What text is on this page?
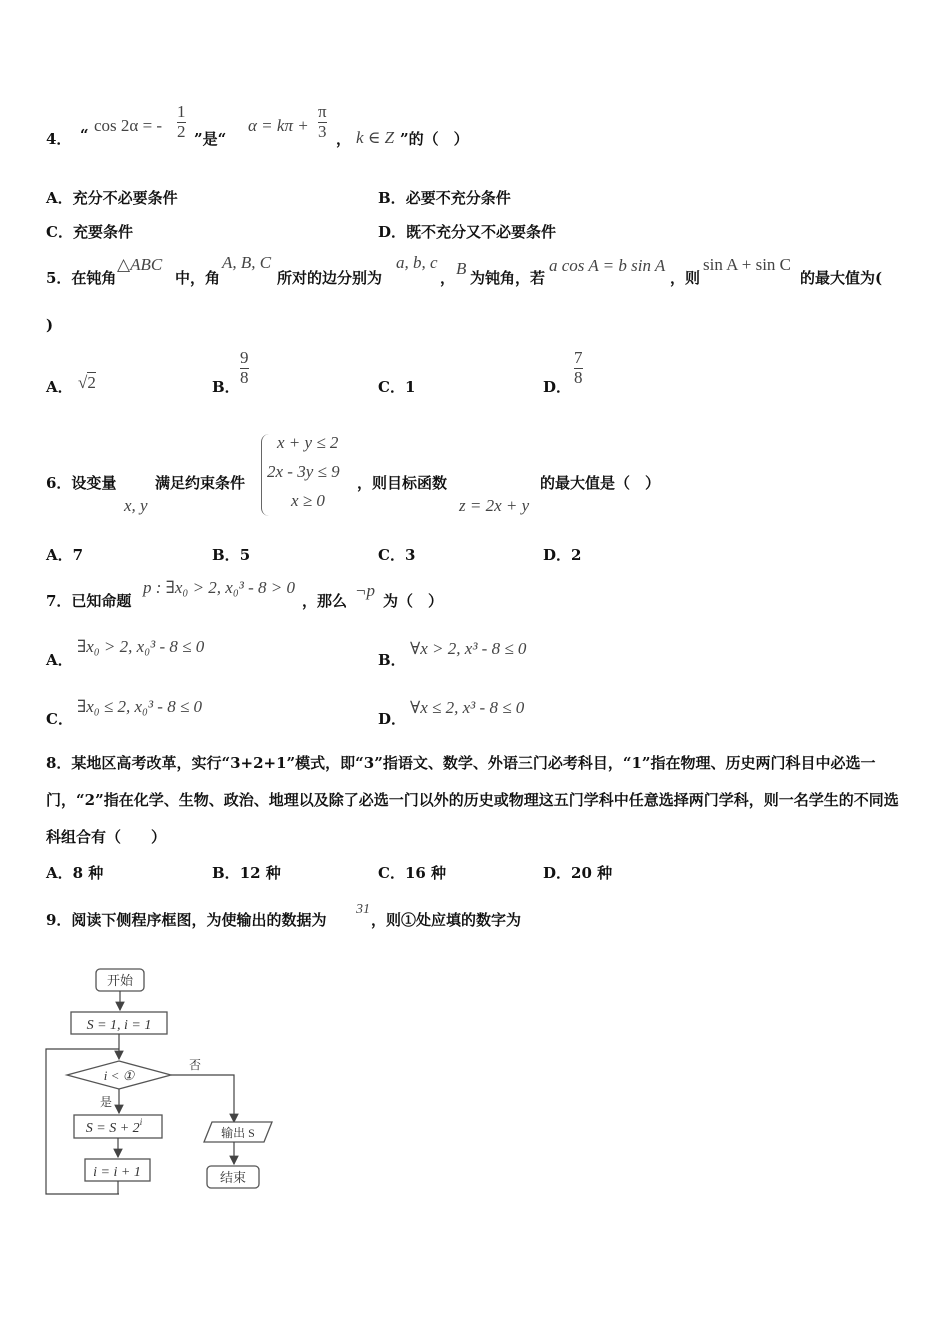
4． “ cos 2α = -
1
2 ”是“
α = kπ +
π
3 ， k ∈ Z ”的（　）
A．充分不必要条件	B．必要不充分条件
C．充要条件	D．既不充分又不必要条件
5．在钝角
△ABC
中，角
A, B, C
所对的边分别为
a, b, c
， B 为钝角，若
a cos A = b sin A
，则
sin A + sin C
的最大值为(
)
A． √2	B．
9
8
C．1	D．
7
8
6．设变量
x, y
满足约束条件
x + y ≤ 2
2x - 3y ≤ 9
x ≥ 0
，则目标函数
z = 2x + y
的最大值是（　）
A．7	B．5	C．3	D．2
7．已知命题
p : ∃x₀ > 2, x₀³ - 8 > 0
，那么
¬p
为（　）
A．
∃x₀ > 2, x₀³ - 8 ≤ 0
B．
∀x > 2, x³ - 8 ≤ 0
C．
∃x₀ ≤ 2, x₀³ - 8 ≤ 0
D．
∀x ≤ 2, x³ - 8 ≤ 0
8．某地区高考改革，实行“3+2+1”模式，即“3”指语文、数学、外语三门必考科目，“1”指在物理、历史两门科目中必选一门，“2”指在化学、生物、政治、地理以及除了必选一门以外的历史或物理这五门学科中任意选择两门学科，则一名学生的不同选科组合有（　　）
A．8 种	B．12 种	C．16 种	D．20 种
9．阅读下侧程序框图，为使输出的数据为
31
，则①处应填的数字为
开始
S = 1, i = 1
i < ①
否
是
$S = S + 2^i$
i = i + 1
输出 S
结束
